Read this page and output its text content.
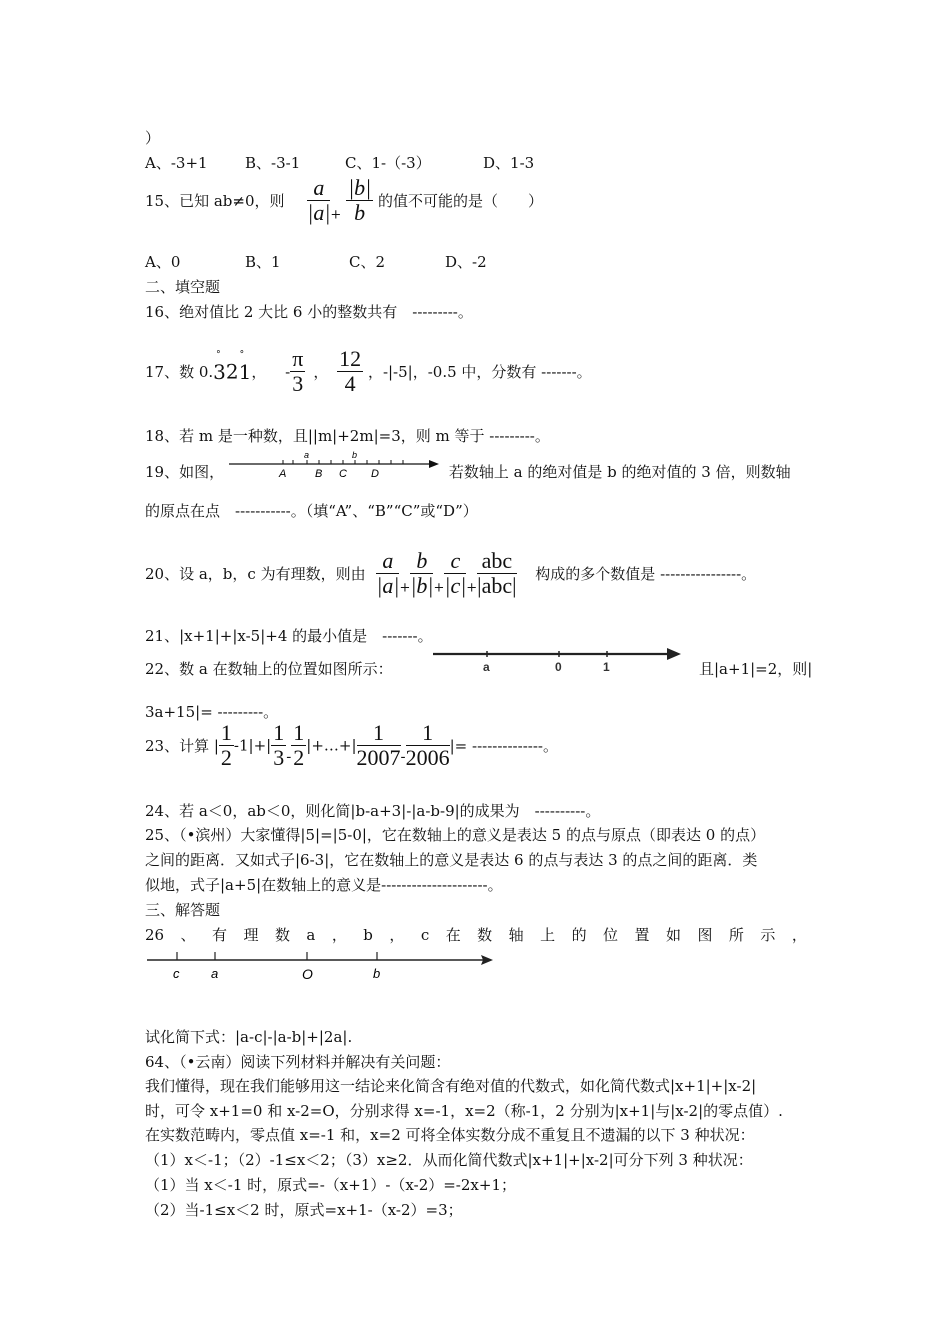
）
A、-3+1 B、-3-1	C、1-（-3）	D、1-3
15、已知 ab≠0，则 $\frac{a}{|a|} + \frac{|b|}{b}$ 的值不可能的是（　　）
A、0	B、1	C、2	D、-2
二、填空题
16、绝对值比 2 大比 6 小的整数共有　---------。
17、数 0.3
°
21
°
， - $\frac{\pi}{3}$ ， $\frac{12}{4}$ ，-|-5|，-0.5 中，分数有 -------。
18、若 m 是一种数，且||m|+2m|=3，则 m 等于 ---------。
19、如图，	A
a
B C
b
D	若数轴上 a 的绝对值是 b 的绝对值的 3 倍，则数轴
的原点在点　-----------。（填“A”、“B”“C”或“D”）
20、设 a，b，c 为有理数，则由 $\frac{a}{|a|} + \frac{b}{|b|} + \frac{c}{|c|} + \frac{\text{abc}}{\text{|abc|}}$ 构成的多个数值是 ----------------。
21、|x+1|+|x-5|+4 的最小值是　-------。
22、数 a 在数轴上的位置如图所示：	a	0	1	且|a+1|=2，则|
3a+15|= ---------。
23、计算 | $\frac{1}{2} -1|+| \frac{1}{3} - \frac{1}{2}$ |+…+| $\frac{1}{2007} - \frac{1}{2006}$ |= --------------。
24、若 a＜0，ab＜0，则化简|b-a+3|-|a-b-9|的成果为　----------。
25、（•滨州）大家懂得|5|=|5-0|，它在数轴上的意义是表达 5 的点与原点（即表达 0 的点）
之间的距离．又如式子|6-3|，它在数轴上的意义是表达 6 的点与表达 3 的点之间的距离．类
似地，式子|a+5|在数轴上的意义是---------------------。
三、解答题
26 、 有 理 数 a ， b ， c 在 数 轴 上 的 位 置 如 图 所 示 ，
c a	O	b
试化简下式：|a-c|-|a-b|+|2a|.
64、（•云南）阅读下列材料并解决有关问题：
我们懂得，现在我们能够用这一结论来化简含有绝对值的代数式，如化简代数式|x+1|+|x-2|
时，可令 x+1=0 和 x-2=O，分别求得 x=-1，x=2（称-1，2 分别为|x+1|与|x-2|的零点值）.
在实数范畴内，零点值 x=-1 和，x=2 可将全体实数分成不重复且不遗漏的以下 3 种状况：
（1）x＜-1；（2）-1≤x＜2；（3）x≥2．从而化简代数式|x+1|+|x-2|可分下列 3 种状况：
（1）当 x＜-1 时，原式=-（x+1）-（x-2）=-2x+1；
（2）当-1≤x＜2 时，原式=x+1-（x-2）=3；
